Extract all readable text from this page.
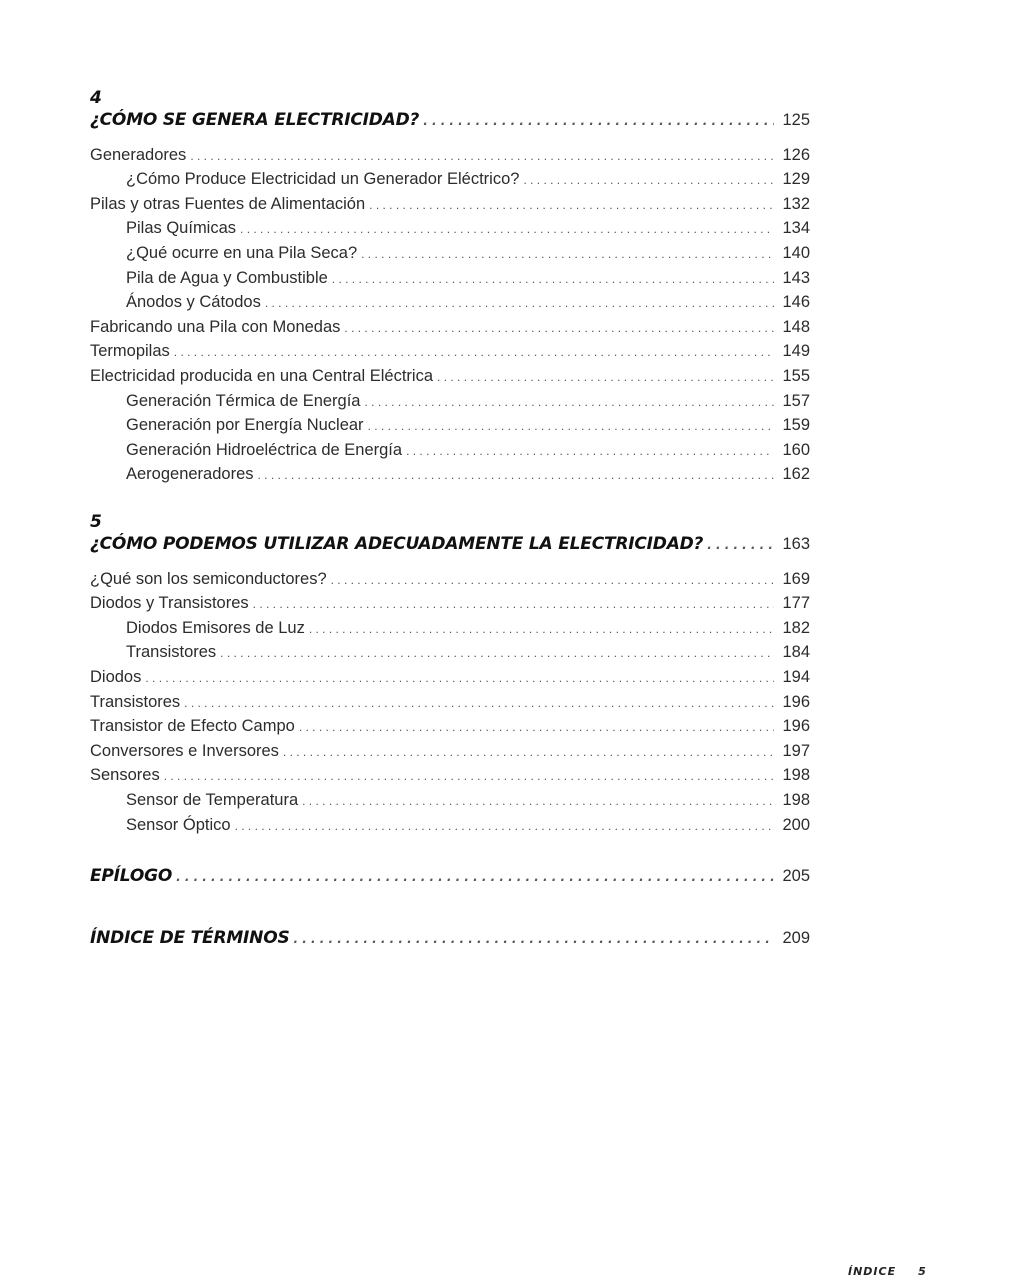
4
¿CÓMO SE GENERA ELECTRICIDAD? . . .	125
Generadores . . .	126
¿Cómo Produce Electricidad un Generador Eléctrico? . . .	129
Pilas y otras Fuentes de Alimentación . . .	132
Pilas Químicas . . .	134
¿Qué ocurre en una Pila Seca? . . .	140
Pila de Agua y Combustible . . .	143
Ánodos y Cátodos . . .	146
Fabricando una Pila con Monedas . . .	148
Termopilas . . .	149
Electricidad producida en una Central Eléctrica . . .	155
Generación Térmica de Energía . . .	157
Generación por Energía Nuclear . . .	159
Generación Hidroeléctrica de Energía . . .	160
Aerogeneradores . . .	162
5
¿CÓMO PODEMOS UTILIZAR ADECUADAMENTE LA ELECTRICIDAD? . . .	163
¿Qué son los semiconductores? . . .	169
Diodos y Transistores . . .	177
Diodos Emisores de Luz . . .	182
Transistores . . .	184
Diodos . . .	194
Transistores . . .	196
Transistor de Efecto Campo . . .	196
Conversores e Inversores . . .	197
Sensores . . .	198
Sensor de Temperatura . . .	198
Sensor Óptico . . .	200
EPÍLOGO . . .	205
ÍNDICE DE TÉRMINOS . . .	209
ÍNDICE 5
